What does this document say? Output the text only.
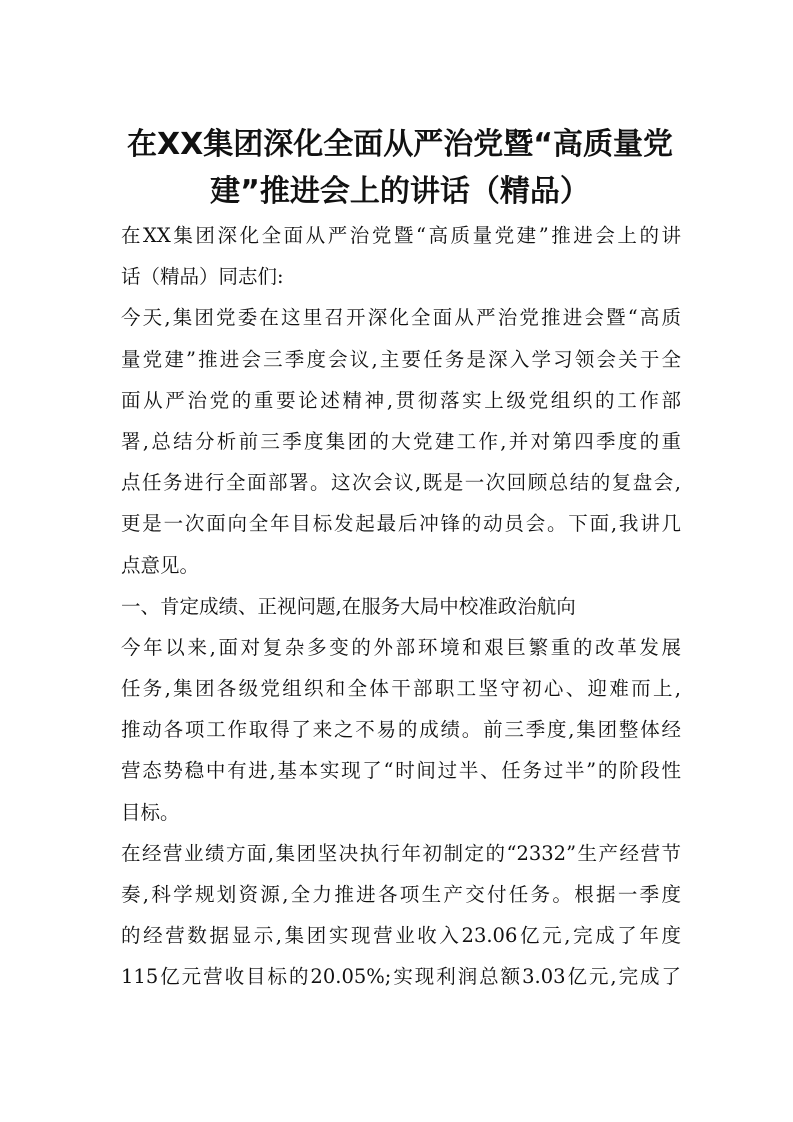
在XX集团深化全面从严治党暨“高质量党
建”推进会上的讲话（精品）
在XX集团深化全面从严治党暨“高质量党建”推进会上的讲
话（精品）同志们:
今天,集团党委在这里召开深化全面从严治党推进会暨“高质
量党建”推进会三季度会议,主要任务是深入学习领会关于全
面从严治党的重要论述精神,贯彻落实上级党组织的工作部
署,总结分析前三季度集团的大党建工作,并对第四季度的重
点任务进行全面部署。这次会议,既是一次回顾总结的复盘会,
更是一次面向全年目标发起最后冲锋的动员会。下面,我讲几
点意见。
一、肯定成绩、正视问题,在服务大局中校准政治航向
今年以来,面对复杂多变的外部环境和艰巨繁重的改革发展
任务,集团各级党组织和全体干部职工坚守初心、迎难而上,
推动各项工作取得了来之不易的成绩。前三季度,集团整体经
营态势稳中有进,基本实现了“时间过半、任务过半”的阶段性
目标。
在经营业绩方面,集团坚决执行年初制定的“2332”生产经营节
奏,科学规划资源,全力推进各项生产交付任务。根据一季度
的经营数据显示,集团实现营业收入23.06亿元,完成了年度
115亿元营收目标的20.05%;实现利润总额3.03亿元,完成了
